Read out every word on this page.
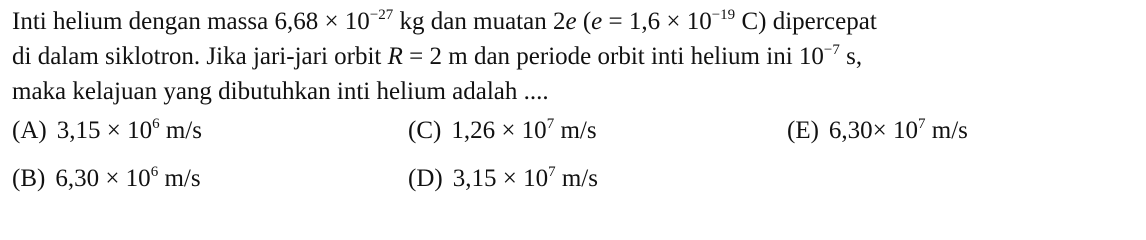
Inti helium dengan massa $6,68 \times 10^{-27}$ kg dan muatan 2e ($e = 1,6 \times 10^{-19}$ C) dipercepat
di dalam siklotron. Jika jari-jari orbit R = 2 m dan periode orbit inti helium ini $10^{-7}$ s,
maka kelajuan yang dibutuhkan inti helium adalah ....
(A) $3,15 \times 10^6$ m/s
(B) $6,30 \times 10^6$ m/s
(C) $1,26 \times 10^7$ m/s
(D) $3,15 \times 10^7$ m/s
(E) $6,30\times 10^7$ m/s
